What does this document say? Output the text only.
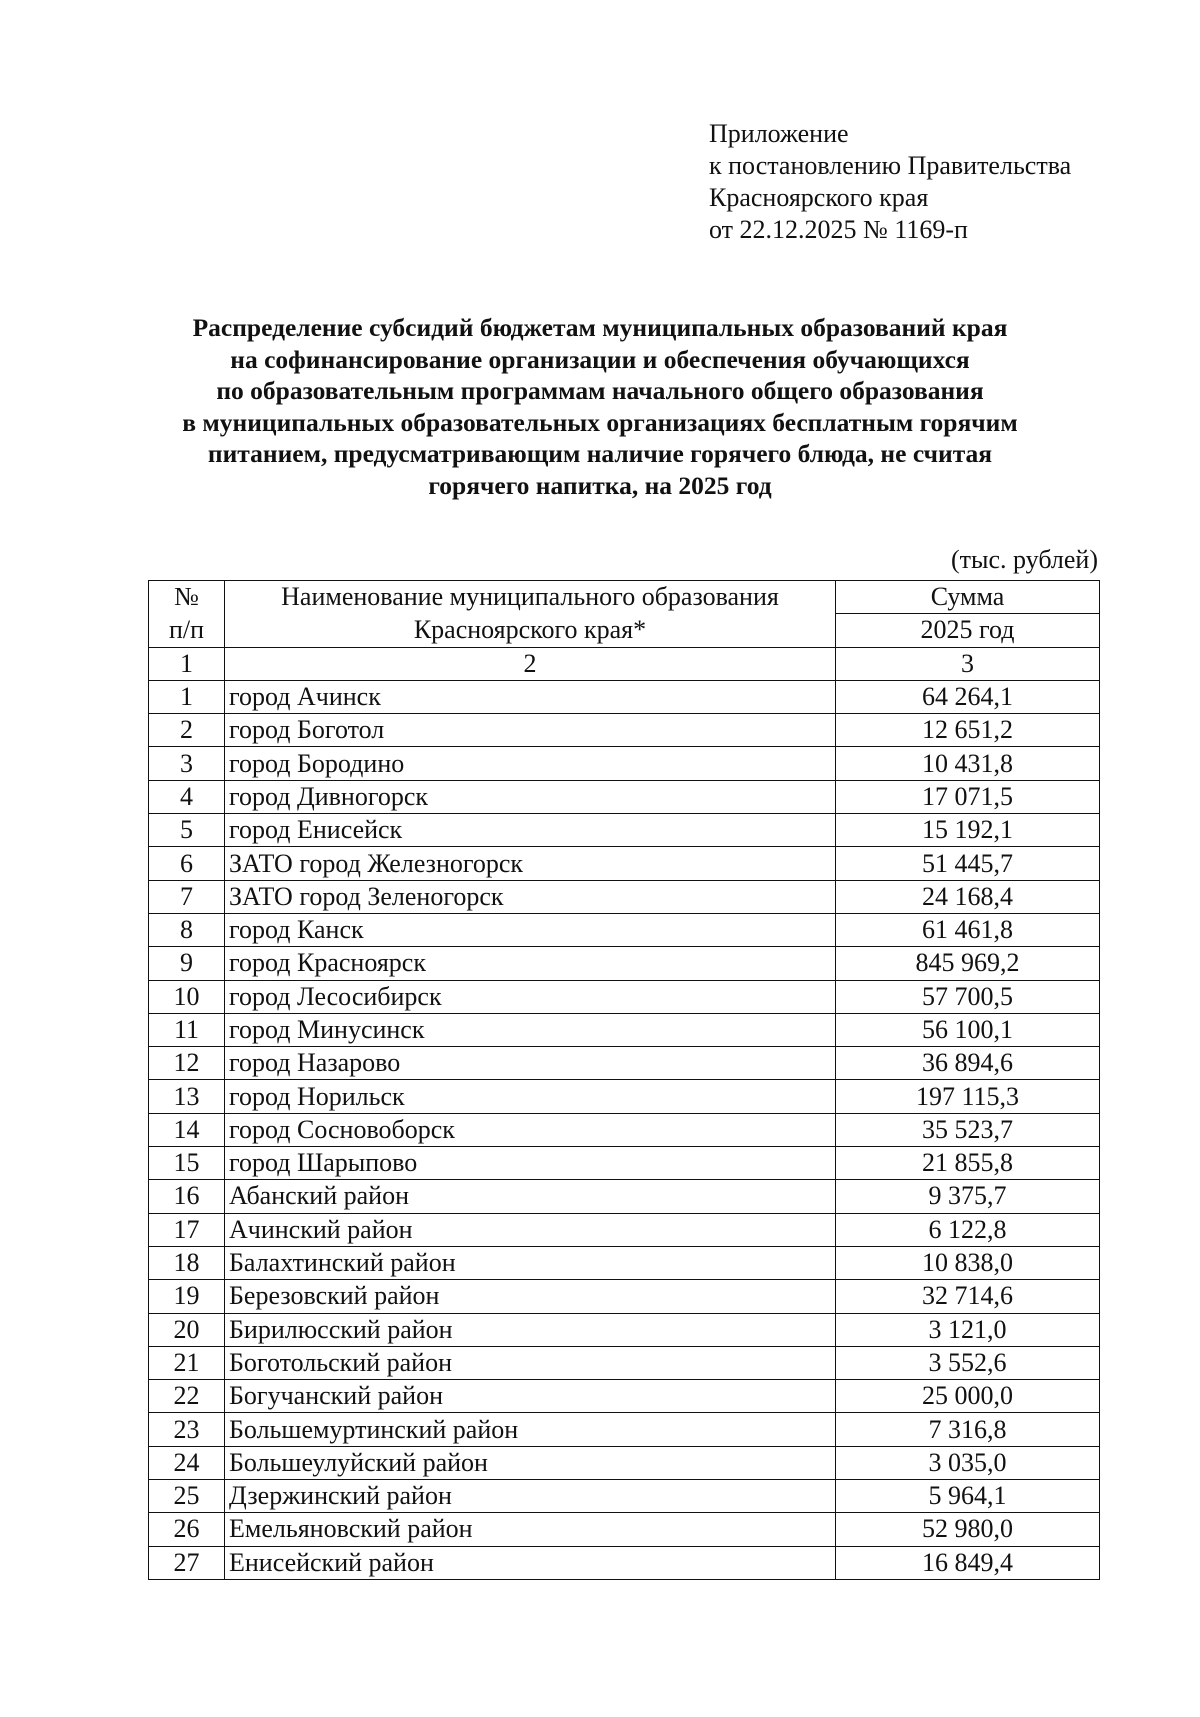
Приложение
к постановлению Правительства
Красноярского края
от 22.12.2025 № 1169-п
Распределение субсидий бюджетам муниципальных образований края
на софинансирование организации и обеспечения обучающихся
по образовательным программам начального общего образования
в муниципальных образовательных организациях бесплатным горячим
питанием, предусматривающим наличие горячего блюда, не считая
горячего напитка, на 2025 год
(тыс. рублей)
№	Наименование муниципального образования	Сумма
п/п	Красноярского края*	2025 год
1	2	3
1	город Ачинск	64 264,1
2	город Боготол	12 651,2
3	город Бородино	10 431,8
4	город Дивногорск	17 071,5
5	город Енисейск	15 192,1
6	ЗАТО город Железногорск	51 445,7
7	ЗАТО город Зеленогорск	24 168,4
8	город Канск	61 461,8
9	город Красноярск	845 969,2
10	город Лесосибирск	57 700,5
11	город Минусинск	56 100,1
12	город Назарово	36 894,6
13	город Норильск	197 115,3
14	город Сосновоборск	35 523,7
15	город Шарыпово	21 855,8
16	Абанский район	9 375,7
17	Ачинский район	6 122,8
18	Балахтинский район	10 838,0
19	Березовский район	32 714,6
20	Бирилюсский район	3 121,0
21	Боготольский район	3 552,6
22	Богучанский район	25 000,0
23	Большемуртинский район	7 316,8
24	Большеулуйский район	3 035,0
25	Дзержинский район	5 964,1
26	Емельяновский район	52 980,0
27	Енисейский район	16 849,4
